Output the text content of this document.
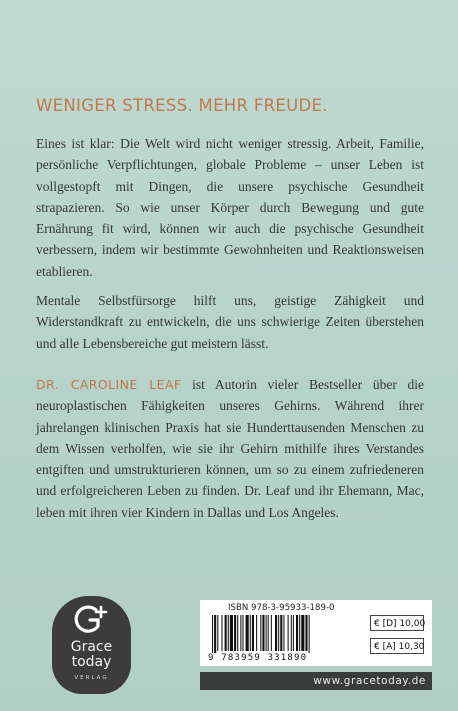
WENIGER STRESS. MEHR FREUDE.

Eines ist klar: Die Welt wird nicht weniger stressig. Arbeit, Familie, persönliche Verpflichtungen, globale Probleme – unser Leben ist vollgestopft mit Dingen, die unsere psychische Gesundheit strapazieren. So wie unser Körper durch Bewegung und gute Ernährung fit wird, können wir auch die psychische Gesundheit verbessern, indem wir bestimmte Gewohnheiten und Reaktionsweisen etablieren.

Mentale Selbstfürsorge hilft uns, geistige Zähigkeit und Widerstandkraft zu entwickeln, die uns schwierige Zeiten überstehen und alle Lebensbereiche gut meistern lässt.

DR. CAROLINE LEAF ist Autorin vieler Bestseller über die neuroplastischen Fähigkeiten unseres Gehirns. Während ihrer jahrelangen klinischen Praxis hat sie Hunderttausenden Menschen zu dem Wissen verholfen, wie sie ihr Gehirn mithilfe ihres Verstandes entgiften und umstrukturieren können, um so zu einem zufriedeneren und erfolgreicheren Leben zu finden. Dr. Leaf und ihr Ehemann, Mac, leben mit ihren vier Kindern in Dallas und Los Angeles.

Grace
today
VERLAG
ISBN 978-3-95933-189-0
9 783959 331890
€ [D] 10,00
€ [A] 10,30
www.gracetoday.de
